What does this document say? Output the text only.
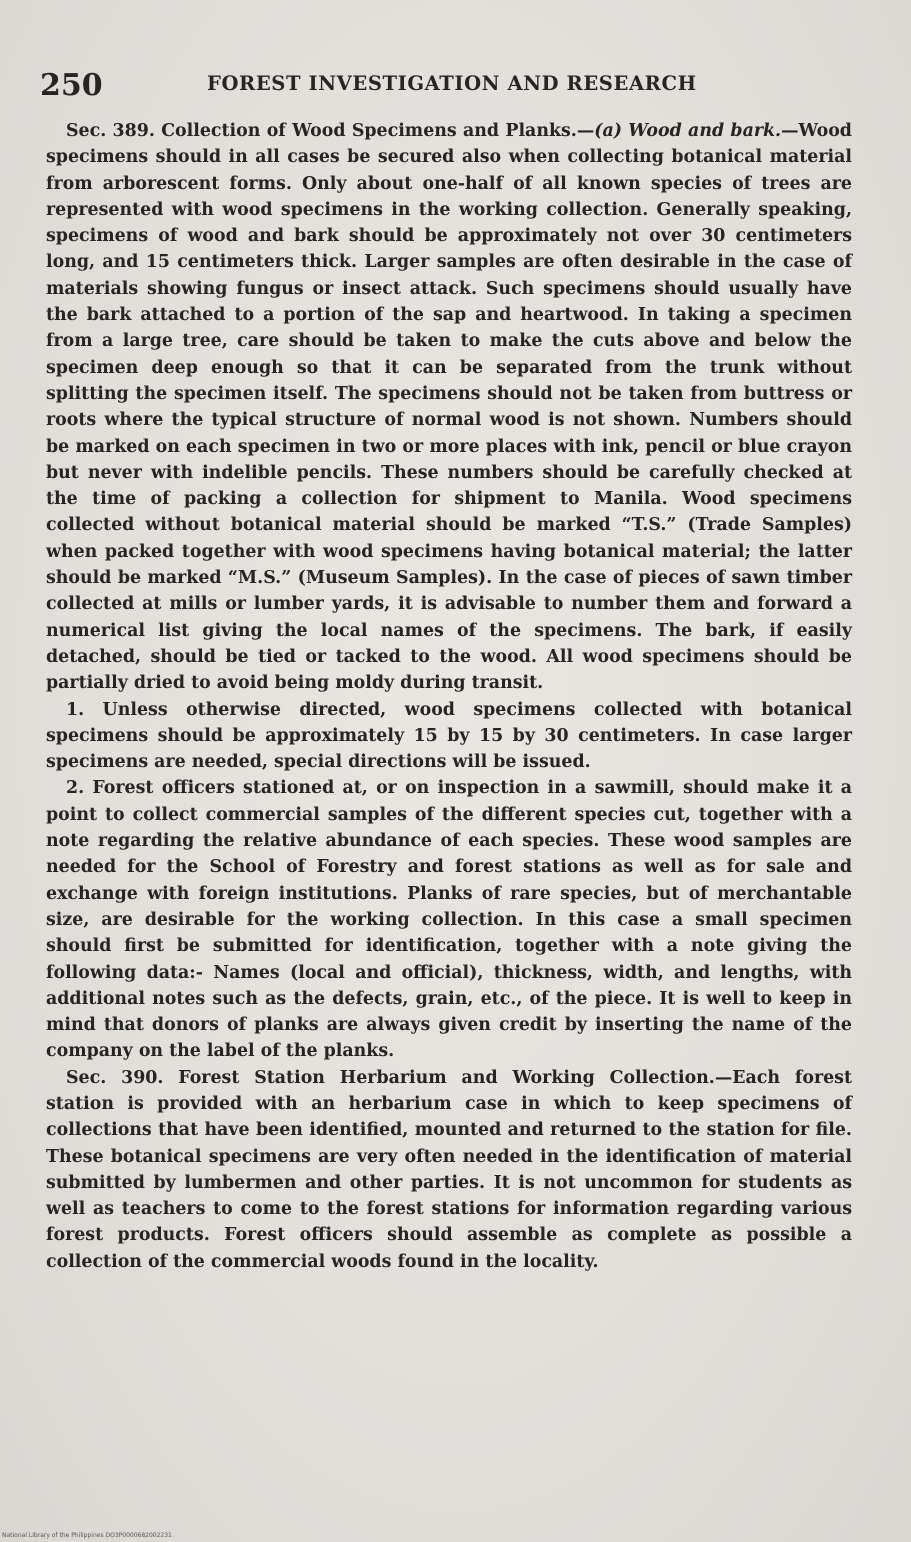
250	FOREST INVESTIGATION AND RESEARCH

Sec. 389. Collection of Wood Specimens and Planks.—(a) Wood and bark.—Wood specimens should in all cases be secured also when collecting botanical material from arborescent forms. Only about one-half of all known species of trees are represented with wood specimens in the working collection. Generally speaking, specimens of wood and bark should be approximately not over 30 centimeters long, and 15 centimeters thick. Larger samples are often desirable in the case of materials showing fungus or insect attack. Such specimens should usually have the bark attached to a portion of the sap and heartwood. In taking a specimen from a large tree, care should be taken to make the cuts above and below the specimen deep enough so that it can be separated from the trunk without splitting the specimen itself. The specimens should not be taken from buttress or roots where the typical structure of normal wood is not shown. Numbers should be marked on each specimen in two or more places with ink, pencil or blue crayon but never with indelible pencils. These numbers should be carefully checked at the time of packing a collection for shipment to Manila. Wood specimens collected without botanical material should be marked “T.S.” (Trade Samples) when packed together with wood specimens having botanical material; the latter should be marked “M.S.” (Museum Samples). In the case of pieces of sawn timber collected at mills or lumber yards, it is advisable to number them and forward a numerical list giving the local names of the specimens. The bark, if easily detached, should be tied or tacked to the wood. All wood specimens should be partially dried to avoid being moldy during transit.

1. Unless otherwise directed, wood specimens collected with botanical specimens should be approximately 15 by 15 by 30 centimeters. In case larger specimens are needed, special directions will be issued.

2. Forest officers stationed at, or on inspection in a sawmill, should make it a point to collect commercial samples of the different species cut, together with a note regarding the relative abundance of each species. These wood samples are needed for the School of Forestry and forest stations as well as for sale and exchange with foreign institutions. Planks of rare species, but of merchantable size, are desirable for the working collection. In this case a small specimen should first be submitted for identification, together with a note giving the following data:- Names (local and official), thickness, width, and lengths, with additional notes such as the defects, grain, etc., of the piece. It is well to keep in mind that donors of planks are always given credit by inserting the name of the company on the label of the planks.

Sec. 390. Forest Station Herbarium and Working Collection.—Each forest station is provided with an herbarium case in which to keep specimens of collections that have been identified, mounted and returned to the station for file. These botanical specimens are very often needed in the identification of material submitted by lumbermen and other parties. It is not uncommon for students as well as teachers to come to the forest stations for information regarding various forest products. Forest officers should assemble as complete as possible a collection of the commercial woods found in the locality.

National Library of the Philippines DO3P0000682002231
